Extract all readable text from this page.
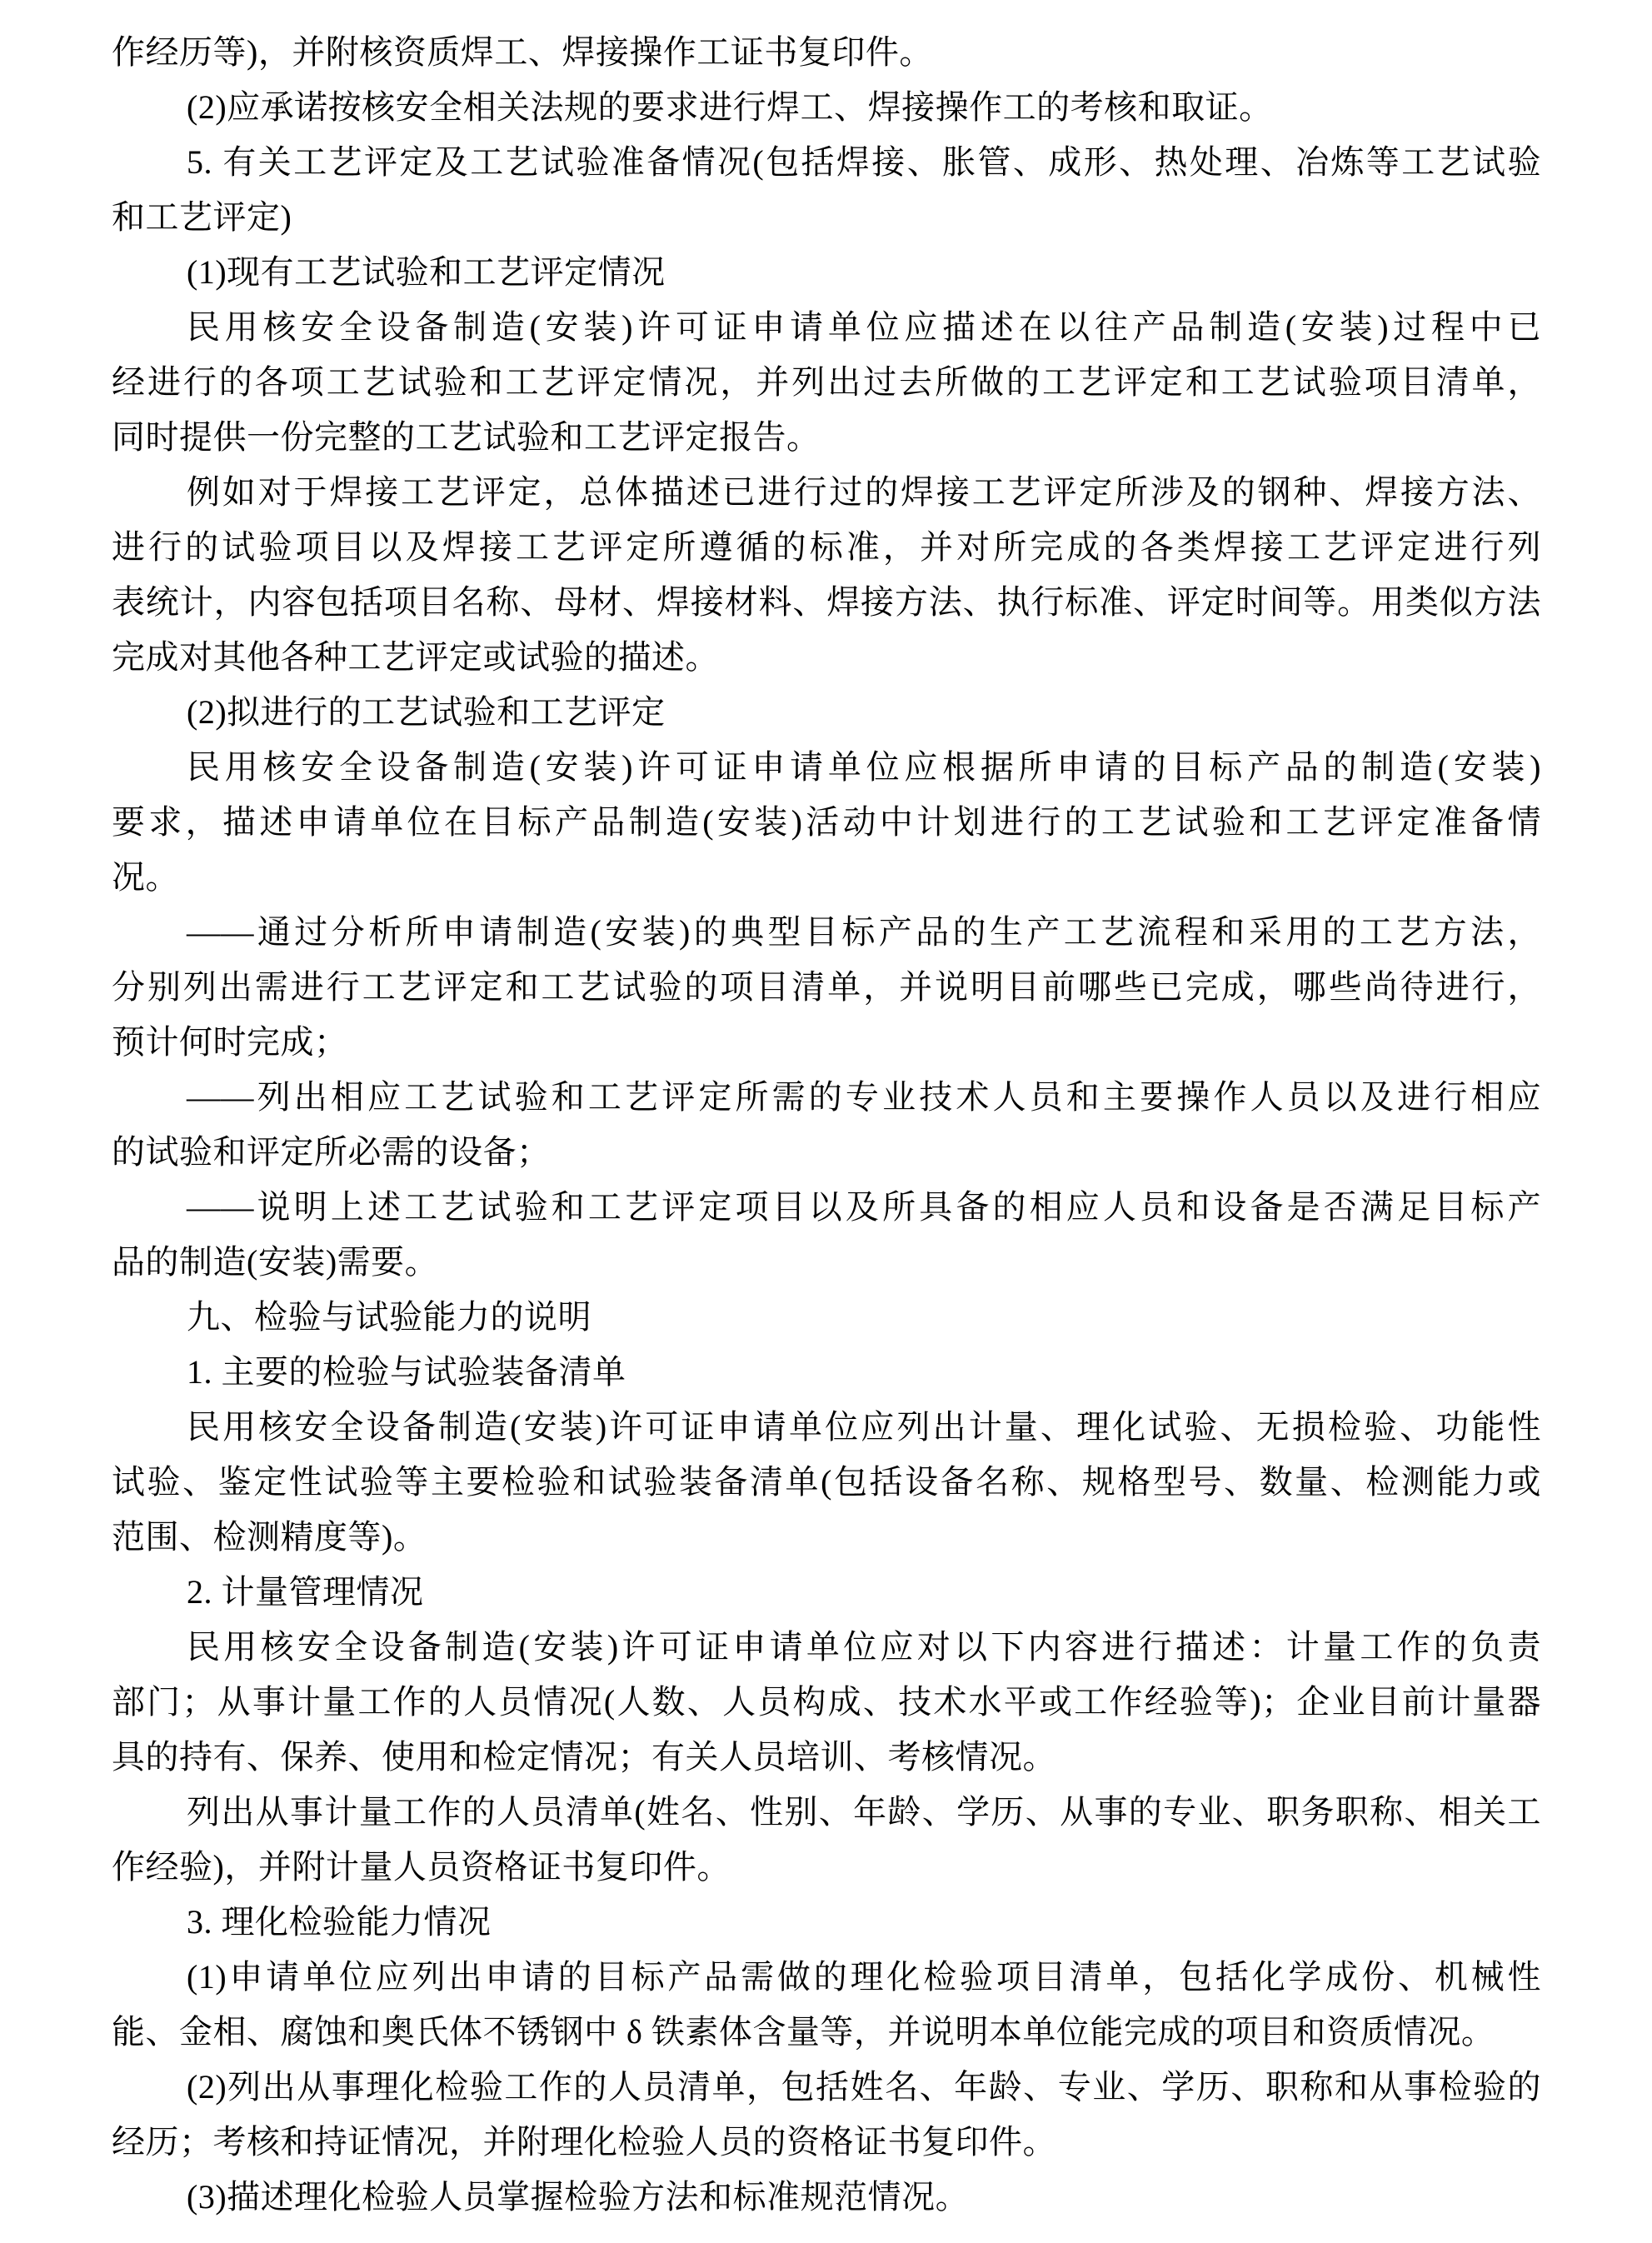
作经历等)，并附核资质焊工、焊接操作工证书复印件。

(2)应承诺按核安全相关法规的要求进行焊工、焊接操作工的考核和取证。

5. 有关工艺评定及工艺试验准备情况(包括焊接、胀管、成形、热处理、冶炼等工艺试验
和工艺评定)

(1)现有工艺试验和工艺评定情况

民用核安全设备制造(安装)许可证申请单位应描述在以往产品制造(安装)过程中已
经进行的各项工艺试验和工艺评定情况，并列出过去所做的工艺评定和工艺试验项目清单，
同时提供一份完整的工艺试验和工艺评定报告。

例如对于焊接工艺评定，总体描述已进行过的焊接工艺评定所涉及的钢种、焊接方法、
进行的试验项目以及焊接工艺评定所遵循的标准，并对所完成的各类焊接工艺评定进行列
表统计，内容包括项目名称、母材、焊接材料、焊接方法、执行标准、评定时间等。用类似方法
完成对其他各种工艺评定或试验的描述。

(2)拟进行的工艺试验和工艺评定

民用核安全设备制造(安装)许可证申请单位应根据所申请的目标产品的制造(安装)
要求，描述申请单位在目标产品制造(安装)活动中计划进行的工艺试验和工艺评定准备情
况。

——通过分析所申请制造(安装)的典型目标产品的生产工艺流程和采用的工艺方法，
分别列出需进行工艺评定和工艺试验的项目清单，并说明目前哪些已完成，哪些尚待进行，
预计何时完成；

——列出相应工艺试验和工艺评定所需的专业技术人员和主要操作人员以及进行相应
的试验和评定所必需的设备；

——说明上述工艺试验和工艺评定项目以及所具备的相应人员和设备是否满足目标产
品的制造(安装)需要。

九、检验与试验能力的说明

1. 主要的检验与试验装备清单

民用核安全设备制造(安装)许可证申请单位应列出计量、理化试验、无损检验、功能性
试验、鉴定性试验等主要检验和试验装备清单(包括设备名称、规格型号、数量、检测能力或
范围、检测精度等)。

2. 计量管理情况

民用核安全设备制造(安装)许可证申请单位应对以下内容进行描述：计量工作的负责
部门；从事计量工作的人员情况(人数、人员构成、技术水平或工作经验等)；企业目前计量器
具的持有、保养、使用和检定情况；有关人员培训、考核情况。

列出从事计量工作的人员清单(姓名、性别、年龄、学历、从事的专业、职务职称、相关工
作经验)，并附计量人员资格证书复印件。

3. 理化检验能力情况

(1)申请单位应列出申请的目标产品需做的理化检验项目清单，包括化学成份、机械性
能、金相、腐蚀和奥氏体不锈钢中 δ 铁素体含量等，并说明本单位能完成的项目和资质情况。

(2)列出从事理化检验工作的人员清单，包括姓名、年龄、专业、学历、职称和从事检验的
经历；考核和持证情况，并附理化检验人员的资格证书复印件。

(3)描述理化检验人员掌握检验方法和标准规范情况。
